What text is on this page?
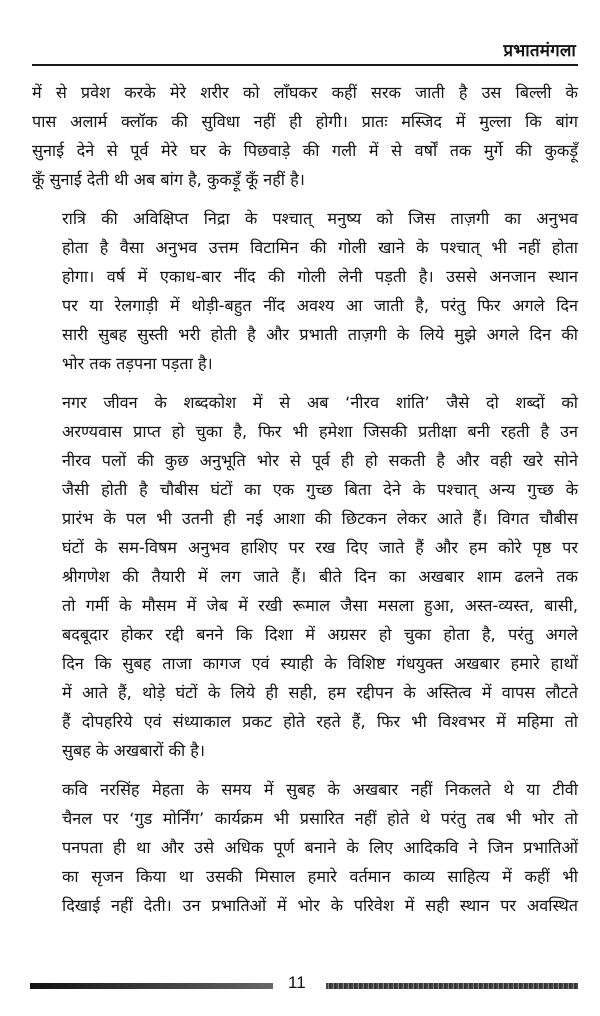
प्रभातमंगला

में से प्रवेश करके मेरे शरीर को लाँघकर कहीं सरक जाती है उस बिल्ली के
पास अलार्म क्लॉक की सुविधा नहीं ही होगी। प्रातः मस्जिद में मुल्ला कि बांग
सुनाई देने से पूर्व मेरे घर के पिछवाड़े की गली में से वर्षों तक मुर्गे की कुकड़ूँ
कूँ सुनाई देती थी अब बांग है, कुकड़ूँ कूँ नहीं है।

रात्रि की अविक्षिप्त निद्रा के पश्चात् मनुष्य को जिस ताज़गी का अनुभव
होता है वैसा अनुभव उत्तम विटामिन की गोली खाने के पश्चात् भी नहीं होता
होगा। वर्ष में एकाध-बार नींद की गोली लेनी पड़ती है। उससे अनजान स्थान
पर या रेलगाड़ी में थोड़ी-बहुत नींद अवश्य आ जाती है, परंतु फिर अगले दिन
सारी सुबह सुस्ती भरी होती है और प्रभाती ताज़गी के लिये मुझे अगले दिन की
भोर तक तड़पना पड़ता है।

नगर जीवन के शब्दकोश में से अब ‘नीरव शांति’ जैसे दो शब्दों को
अरण्यवास प्राप्त हो चुका है, फिर भी हमेशा जिसकी प्रतीक्षा बनी रहती है उन
नीरव पलों की कुछ अनुभूति भोर से पूर्व ही हो सकती है और वही खरे सोने
जैसी होती है चौबीस घंटों का एक गुच्छ बिता देने के पश्चात् अन्य गुच्छ के
प्रारंभ के पल भी उतनी ही नई आशा की छिटकन लेकर आते हैं। विगत चौबीस
घंटों के सम-विषम अनुभव हाशिए पर रख दिए जाते हैं और हम कोरे पृष्ठ पर
श्रीगणेश की तैयारी में लग जाते हैं। बीते दिन का अखबार शाम ढलने तक
तो गर्मी के मौसम में जेब में रखी रूमाल जैसा मसला हुआ, अस्त-व्यस्त, बासी,
बदबूदार होकर रद्दी बनने कि दिशा में अग्रसर हो चुका होता है, परंतु अगले
दिन कि सुबह ताजा कागज एवं स्याही के विशिष्ट गंधयुक्त अखबार हमारे हाथों
में आते हैं, थोड़े घंटों के लिये ही सही, हम रद्दीपन के अस्तित्व में वापस लौटते
हैं दोपहरिये एवं संध्याकाल प्रकट होते रहते हैं, फिर भी विश्वभर में महिमा तो
सुबह के अखबारों की है।

कवि नरसिंह मेहता के समय में सुबह के अखबार नहीं निकलते थे या टीवी
चैनल पर ‘गुड मोर्निंग’ कार्यक्रम भी प्रसारित नहीं होते थे परंतु तब भी भोर तो
पनपता ही था और उसे अधिक पूर्ण बनाने के लिए आदिकवि ने जिन प्रभातिओं
का सृजन किया था उसकी मिसाल हमारे वर्तमान काव्य साहित्य में कहीं भी
दिखाई नहीं देती। उन प्रभातिओं में भोर के परिवेश में सही स्थान पर अवस्थित

11
